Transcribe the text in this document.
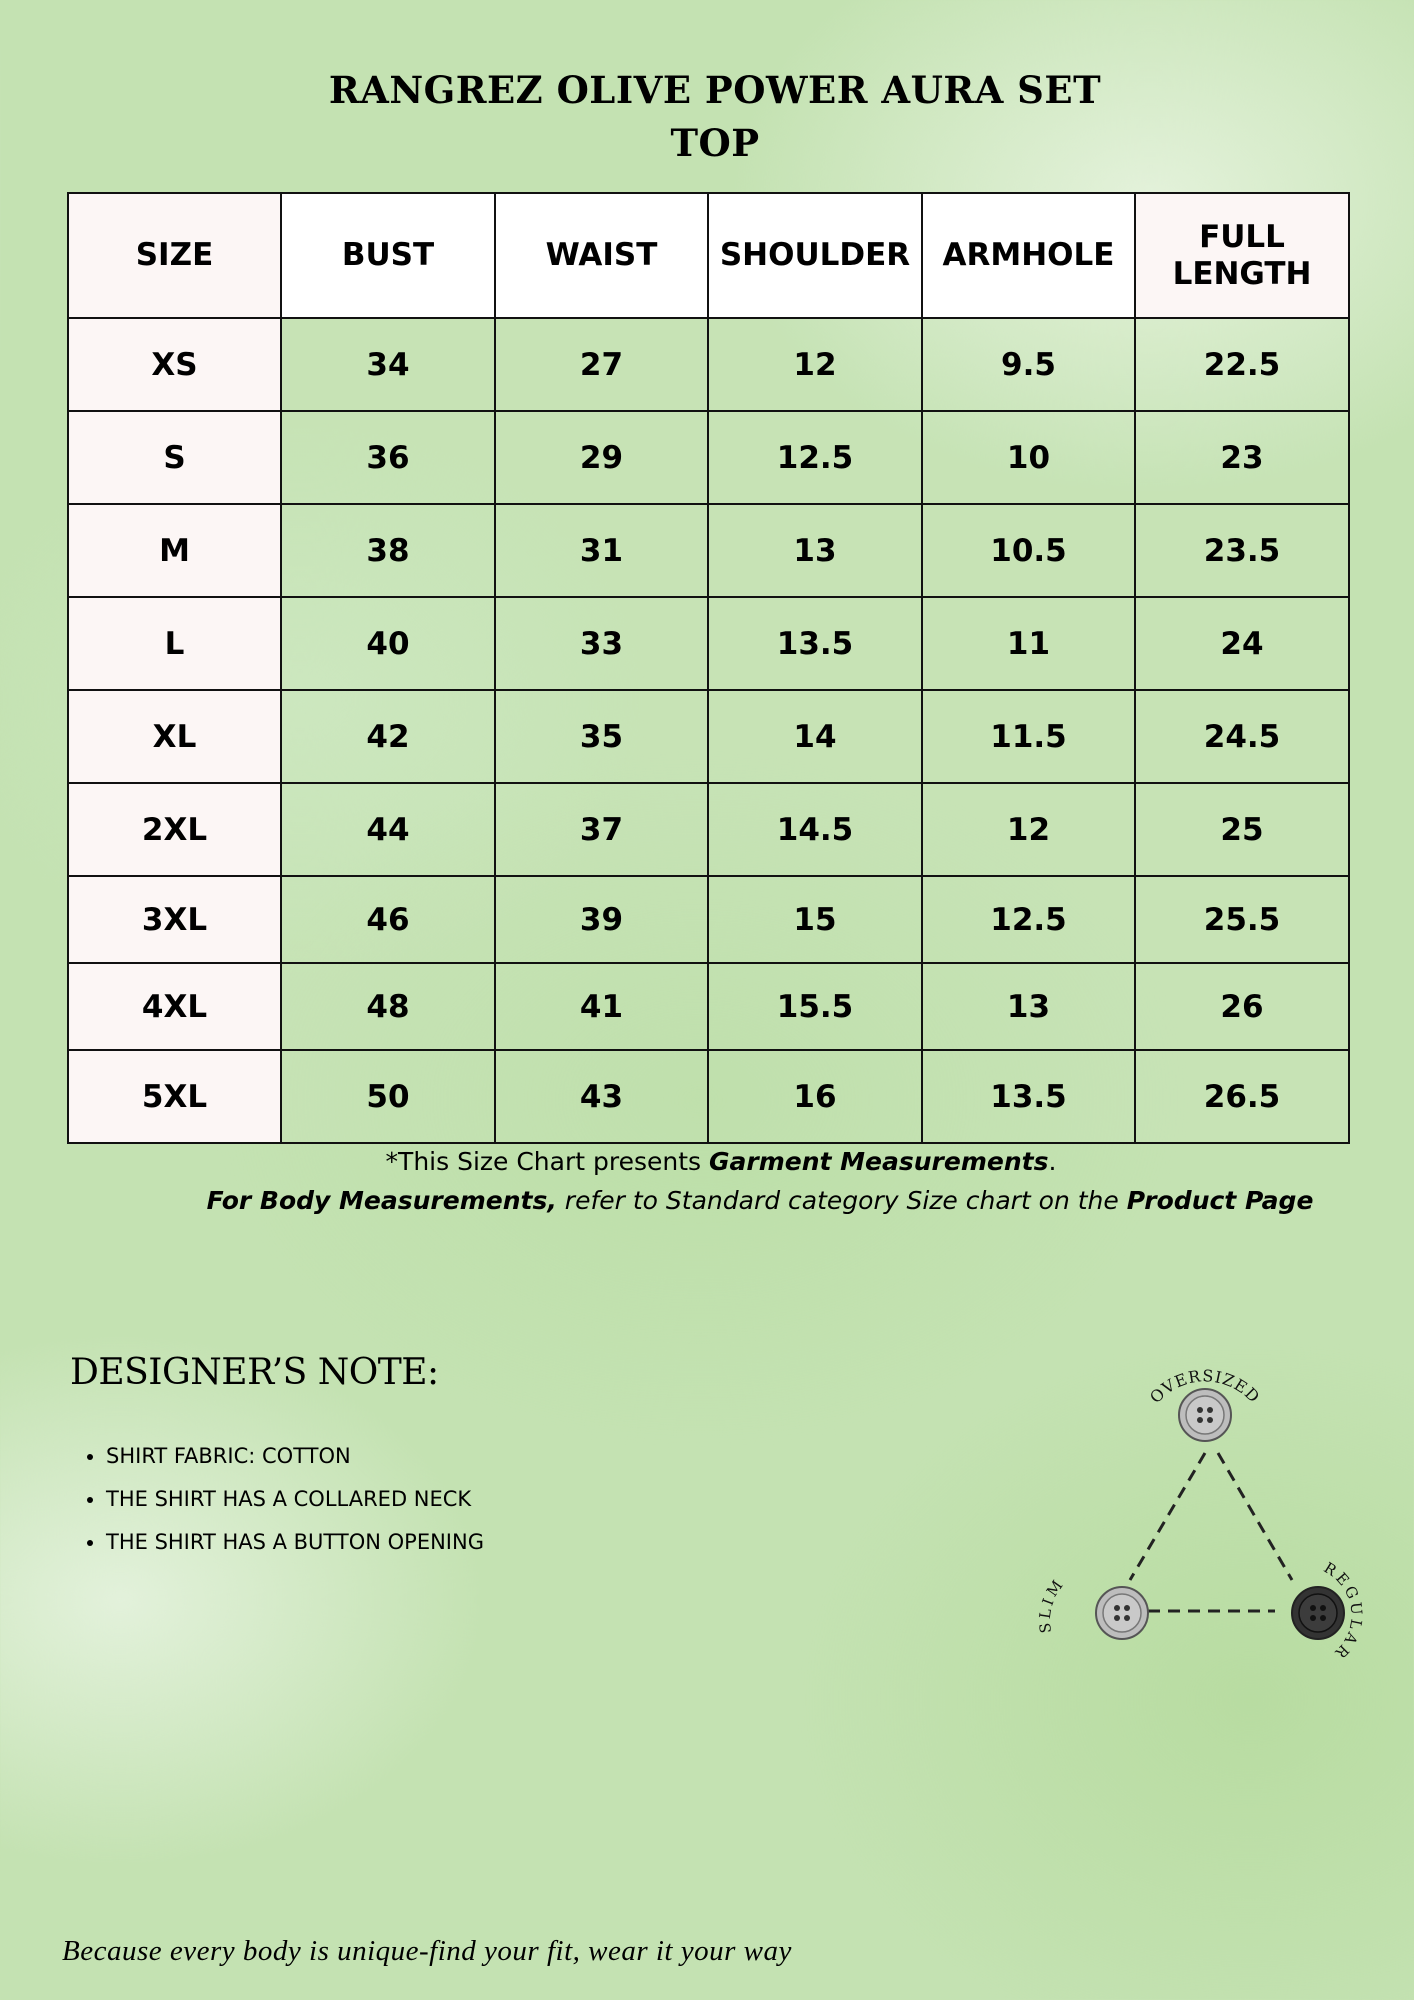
RANGREZ OLIVE POWER AURA SET
TOP
SIZE	BUST	WAIST	SHOULDER	ARMHOLE	FULL
LENGTH
XS	34	27	12	9.5	22.5
S	36	29	12.5	10	23
M	38	31	13	10.5	23.5
L	40	33	13.5	11	24
XL	42	35	14	11.5	24.5
2XL	44	37	14.5	12	25
3XL	46	39	15	12.5	25.5
4XL	48	41	15.5	13	26
5XL	50	43	16	13.5	26.5
*This Size Chart presents Garment Measurements.
For Body Measurements, refer to Standard category Size chart on the Product Page
DESIGNER’S NOTE:
• SHIRT FABRIC: COTTON
• THE SHIRT HAS A COLLARED NECK
• THE SHIRT HAS A BUTTON OPENING
OVERSIZED
SLIM
REGULAR
Because every body is unique-find your fit, wear it your way
